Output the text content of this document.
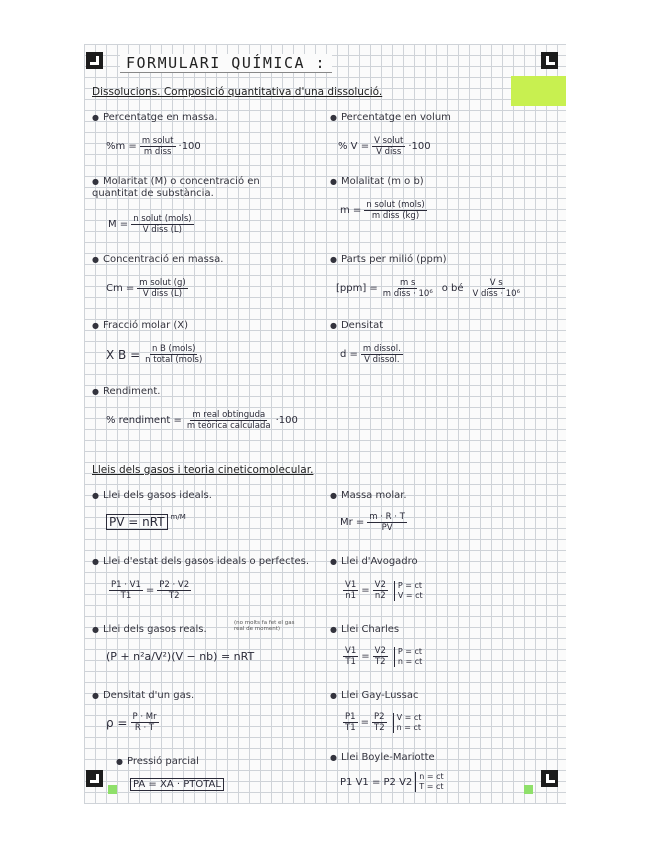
FORMULARI QUÍMICA :
Dissolucions. Composició quantitativa d'una dissolució.
● Percentatge en massa.
$\%m = \frac{\text{m solut}}{\text{m diss}} \cdot 100$
● Percentatge en volum
% $V = \frac{\text{V solut}}{\text{V diss}} \cdot 100$
● Molaritat (M) o concentració en quantitat de substància.
$M = \frac{\text{n solut (mols)}}{\text{V diss (L)}}$
● Molalitat (m o b)
$m = \frac{\text{n solut (mols)}}{\text{m diss (kg)}}$
● Concentració en massa.
$Cm = \frac{\text{m solut (g)}}{\text{V diss (L)}}$
● Parts per milió (ppm)
$[ppm] = \frac{\text{m s}}{\text{m diss · 10⁶}}$ o bé $\frac{\text{V s}}{\text{V diss · 10⁶}}$
● Fracció molar (X)
X $B = \frac{\text{n B (mols)}}{\text{n total (mols)}}$
● Densitat
$d = \frac{\text{m dissol.}}{\text{V dissol.}}$
● Rendiment.
% rendiment = $\frac{\text{m real obtinguda}}{\text{m teòrica calculada}} \cdot 100$
Lleis dels gasos i teoria cineticomolecular.
● Llei dels gasos ideals.
PV = nRT m/M
● Massa molar.
$Mr = \frac{m \cdot R \cdot T}{PV}$
● Llei d'estat dels gasos ideals o perfectes.
$\frac{P1 \cdot V1}{T1} = \frac{P2 \cdot V2}{T2}$
● Llei d'Avogadro
$\frac{V1}{n1} = \frac{V2}{n2}$ P = ct
V = ct
● Llei dels gasos reals.
(no molts fa fet el gas real de moment)
(P + n²a/V²)(V − nb) = nRT
● Llei Charles
$\frac{V1}{T1} = \frac{V2}{T2}$ P = ct
n = ct
● Densitat d'un gas.
$\rho = \frac{P \cdot Mr}{R \cdot T}$
● Llei Gay-Lussac
$\frac{P1}{T1} = \frac{P2}{T2}$ V = ct
n = ct
● Pressió parcial
PA = XA · PTOTAL
● Llei Boyle-Mariotte
P1 V1 = P2 V2 n = ct
T = ct
